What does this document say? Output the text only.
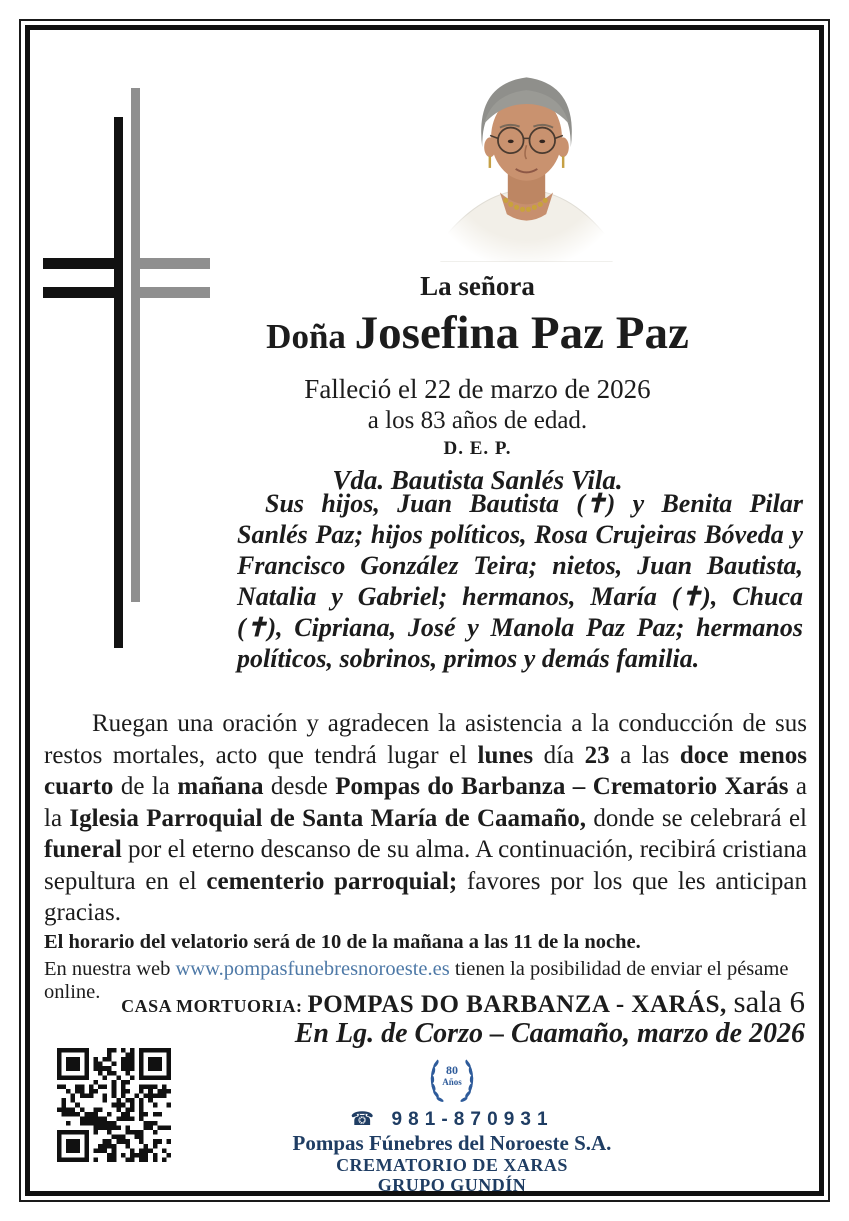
La señora
Doña Josefina Paz Paz
Falleció el 22 de marzo de 2026
a los 83 años de edad.
D. E. P.
Vda. Bautista Sanlés Vila.
Sus hijos, Juan Bautista (✝) y Benita Pilar Sanlés Paz; hijos políticos, Rosa Crujeiras Bóveda y Francisco González Teira; nietos, Juan Bautista, Natalia y Gabriel; hermanos, María (✝), Chuca (✝), Cipriana, José y Manola Paz Paz; hermanos políticos, sobrinos, primos y demás familia.
Ruegan una oración y agradecen la asistencia a la conducción de sus restos mortales, acto que tendrá lugar el lunes día 23 a las doce menos cuarto de la mañana desde Pompas do Barbanza – Crematorio Xarás a la Iglesia Parroquial de Santa María de Caamaño, donde se celebrará el funeral por el eterno descanso de su alma. A continuación, recibirá cristiana sepultura en el cementerio parroquial; favores por los que les anticipan gracias.
El horario del velatorio será de 10 de la mañana a las 11 de la noche.
En nuestra web www.pompasfunebresnoroeste.es tienen la posibilidad de enviar el pésame online.
CASA MORTUORIA: POMPAS DO BARBANZA - XARÁS, sala 6
En Lg. de Corzo – Caamaño, marzo de 2026
80
Años
☎ 981-870931
Pompas Fúnebres del Noroeste S.A.
CREMATORIO DE XARAS
GRUPO GUNDÍN
